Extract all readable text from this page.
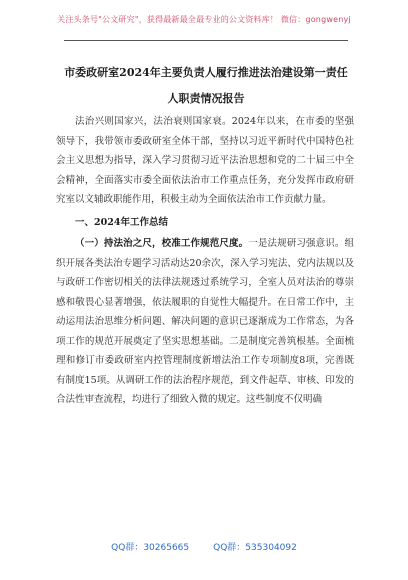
关注头条号"公文研究"，获得最新最全最专业的公文资料库！ 微信：gongwenyj
市委政研室2024年主要负责人履行推进法治建设第一责任
人职责情况报告

法治兴则国家兴，法治衰则国家衰。2024年以来，在市委的坚强领导下，我带领市委政研室全体干部，坚持以习近平新时代中国特色社会主义思想为指导，深入学习贯彻习近平法治思想和党的二十届三中全会精神，全面落实市委全面依法治市工作重点任务，充分发挥市政府研究室以文辅政职能作用，积极主动为全面依法治市工作贡献力量。

一、2024年工作总结

（一）持法治之尺，校准工作规范尺度。一是法规研习强意识。组织开展各类法治专题学习活动达20余次，深入学习宪法、党内法规以及与政研工作密切相关的法律法规透过系统学习，全室人员对法治的尊崇感和敬畏心显著增强，依法履职的自觉性大幅提升。在日常工作中，主动运用法治思维分析问题、解决问题的意识已逐渐成为工作常态，为各项工作的规范开展奠定了坚实思想基础。二是制度完善筑根基。全面梳理和修订市委政研室内控管理制度新增法治工作专项制度8项，完善既有制度15项。从调研工作的法治程序规范，到文件起草、审核、印发的合法性审查流程，均进行了细致入微的规定。这些制度不仅明确

QQ群：30265665	QQ群：535304092
